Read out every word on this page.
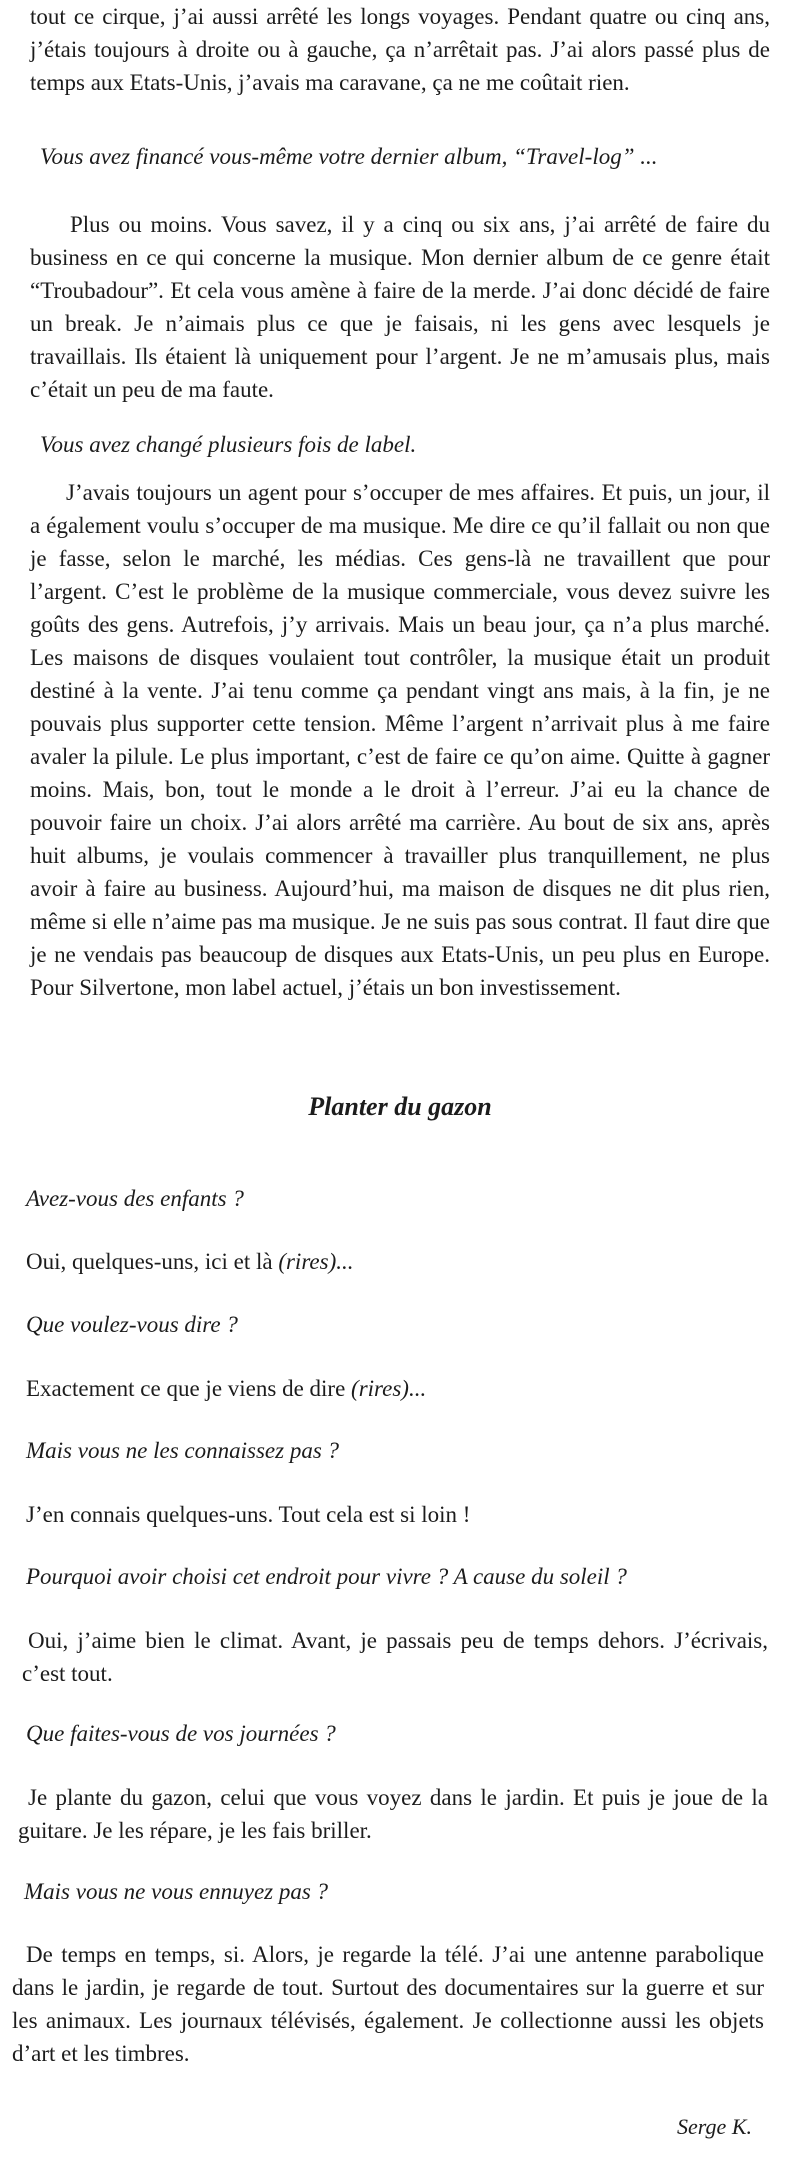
tout ce cirque, j’ai aussi arrêté les longs voyages. Pendant quatre ou cinq ans, j’étais toujours à droite ou à gauche, ça n’arrêtait pas. J’ai alors passé plus de temps aux Etats-Unis, j’avais ma caravane, ça ne me coûtait rien.

Vous avez financé vous-même votre dernier album, “Travel-log” ...

Plus ou moins. Vous savez, il y a cinq ou six ans, j’ai arrêté de faire du business en ce qui concerne la musique. Mon dernier album de ce genre était “Troubadour”. Et cela vous amène à faire de la merde. J’ai donc décidé de faire un break. Je n’aimais plus ce que je faisais, ni les gens avec lesquels je travaillais. Ils étaient là uniquement pour l’argent. Je ne m’amusais plus, mais c’était un peu de ma faute.

Vous avez changé plusieurs fois de label.

J’avais toujours un agent pour s’occuper de mes affaires. Et puis, un jour, il a également voulu s’occuper de ma musique. Me dire ce qu’il fallait ou non que je fasse, selon le marché, les médias. Ces gens-là ne travaillent que pour l’argent. C’est le problème de la musique commerciale, vous devez suivre les goûts des gens. Autrefois, j’y arrivais. Mais un beau jour, ça n’a plus marché. Les maisons de disques voulaient tout contrôler, la musique était un produit destiné à la vente. J’ai tenu comme ça pendant vingt ans mais, à la fin, je ne pouvais plus supporter cette tension. Même l’argent n’arrivait plus à me faire avaler la pilule. Le plus important, c’est de faire ce qu’on aime. Quitte à gagner moins. Mais, bon, tout le monde a le droit à l’erreur. J’ai eu la chance de pouvoir faire un choix. J’ai alors arrêté ma carrière. Au bout de six ans, après huit albums, je voulais commencer à travailler plus tranquillement, ne plus avoir à faire au business. Aujourd’hui, ma maison de disques ne dit plus rien, même si elle n’aime pas ma musique. Je ne suis pas sous contrat. Il faut dire que je ne vendais pas beaucoup de disques aux Etats-Unis, un peu plus en Europe. Pour Silvertone, mon label actuel, j’étais un bon investissement.

Planter du gazon

Avez-vous des enfants ?

Oui, quelques-uns, ici et là (rires)...

Que voulez-vous dire ?

Exactement ce que je viens de dire (rires)...

Mais vous ne les connaissez pas ?

J’en connais quelques-uns. Tout cela est si loin !

Pourquoi avoir choisi cet endroit pour vivre ? A cause du soleil ?

Oui, j’aime bien le climat. Avant, je passais peu de temps dehors. J’écrivais, c’est tout.

Que faites-vous de vos journées ?

Je plante du gazon, celui que vous voyez dans le jardin. Et puis je joue de la guitare. Je les répare, je les fais briller.

Mais vous ne vous ennuyez pas ?

De temps en temps, si. Alors, je regarde la télé. J’ai une antenne parabolique dans le jardin, je regarde de tout. Surtout des documentaires sur la guerre et sur les animaux. Les journaux télévisés, également. Je collectionne aussi les objets d’art et les timbres.

Serge K.
